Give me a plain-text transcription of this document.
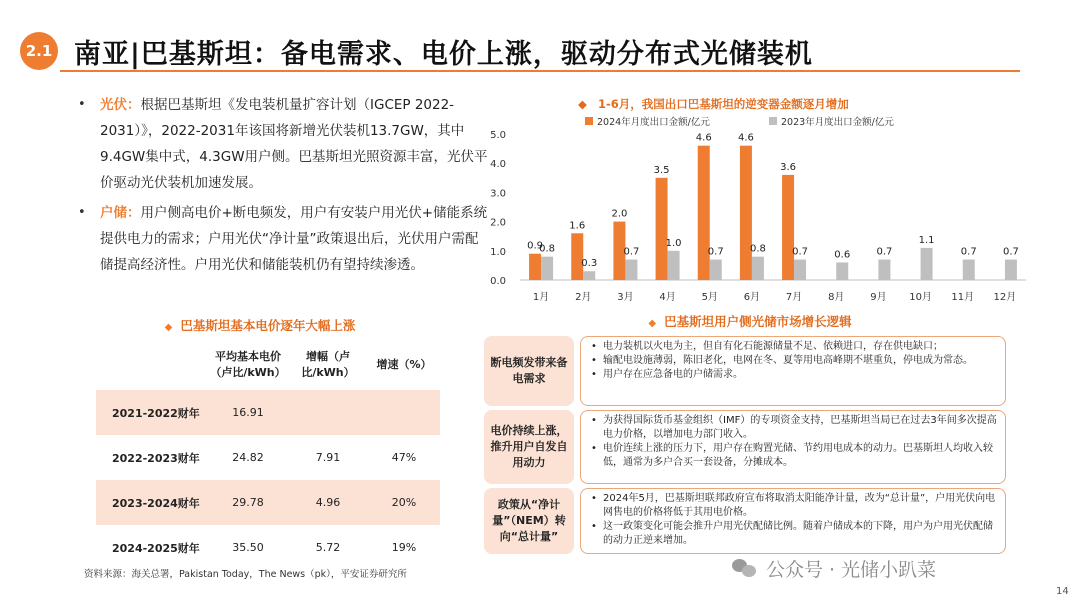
2.1 南亚|巴基斯坦：备电需求、电价上涨，驱动分布式光储装机
• 光伏：根据巴基斯坦《发电装机量扩容计划（IGCEP 2022-2031）》，2022-2031年该国将新增光伏装机13.7GW，其中9.4GW集中式，4.3GW用户侧。巴基斯坦光照资源丰富，光伏平价驱动光伏装机加速发展。
• 户储：用户侧高电价+断电频发，用户有安装户用光伏+储能系统提供电力的需求；户用光伏“净计量”政策退出后，光伏用户需配储提高经济性。户用光伏和储能装机仍有望持续渗透。
◆ 巴基斯坦基本电价逐年大幅上涨
	平均基本电价（卢比/kWh）	增幅（卢比/kWh）	增速（%）
2021-2022财年	16.91		
2022-2023财年	24.82	7.91	47%
2023-2024财年	29.78	4.96	20%
2024-2025财年	35.50	5.72	19%
资料来源：海关总署，Pakistan Today，The News（pk），平安证券研究所
◆ 1-6月，我国出口巴基斯坦的逆变器金额逐月增加
2024年月度出口金额/亿元	2023年月度出口金额/亿元
0.0
1.0
2.0
3.0
4.0
5.0
1月
0.9
0.8
2月
1.6
0.3
3月
2.0
0.7
4月
3.5
1.0
5月
4.6
0.7
6月
4.6
0.8
7月
3.6
0.7
8月
0.6
9月
0.7
10月
1.1
11月
0.7
12月
0.7
◆ 巴基斯坦用户侧光储市场增长逻辑
断电频发带来备电需求
• 电力装机以火电为主，但自有化石能源储量不足、依赖进口，存在供电缺口；
• 输配电设施薄弱，陈旧老化，电网在冬、夏等用电高峰期不堪重负，停电成为常态。
• 用户存在应急备电的户储需求。
电价持续上涨，推升用户自发自用动力
• 为获得国际货币基金组织（IMF）的专项资金支持，巴基斯坦当局已在过去3年间多次提高电力价格，以增加电力部门收入。
• 电价连续上涨的压力下，用户存在购置光储、节约用电成本的动力。巴基斯坦人均收入较低，通常为多户合买一套设备，分摊成本。
政策从“净计量”（NEM）转向“总计量”
• 2024年5月，巴基斯坦联邦政府宣布将取消太阳能净计量，改为“总计量”，户用光伏向电网售电的价格将低于其用电价格。
• 这一政策变化可能会推升户用光伏配储比例。随着户储成本的下降，用户为户用光伏配储的动力正逆来增加。
公众号 · 光储小趴菜
14
